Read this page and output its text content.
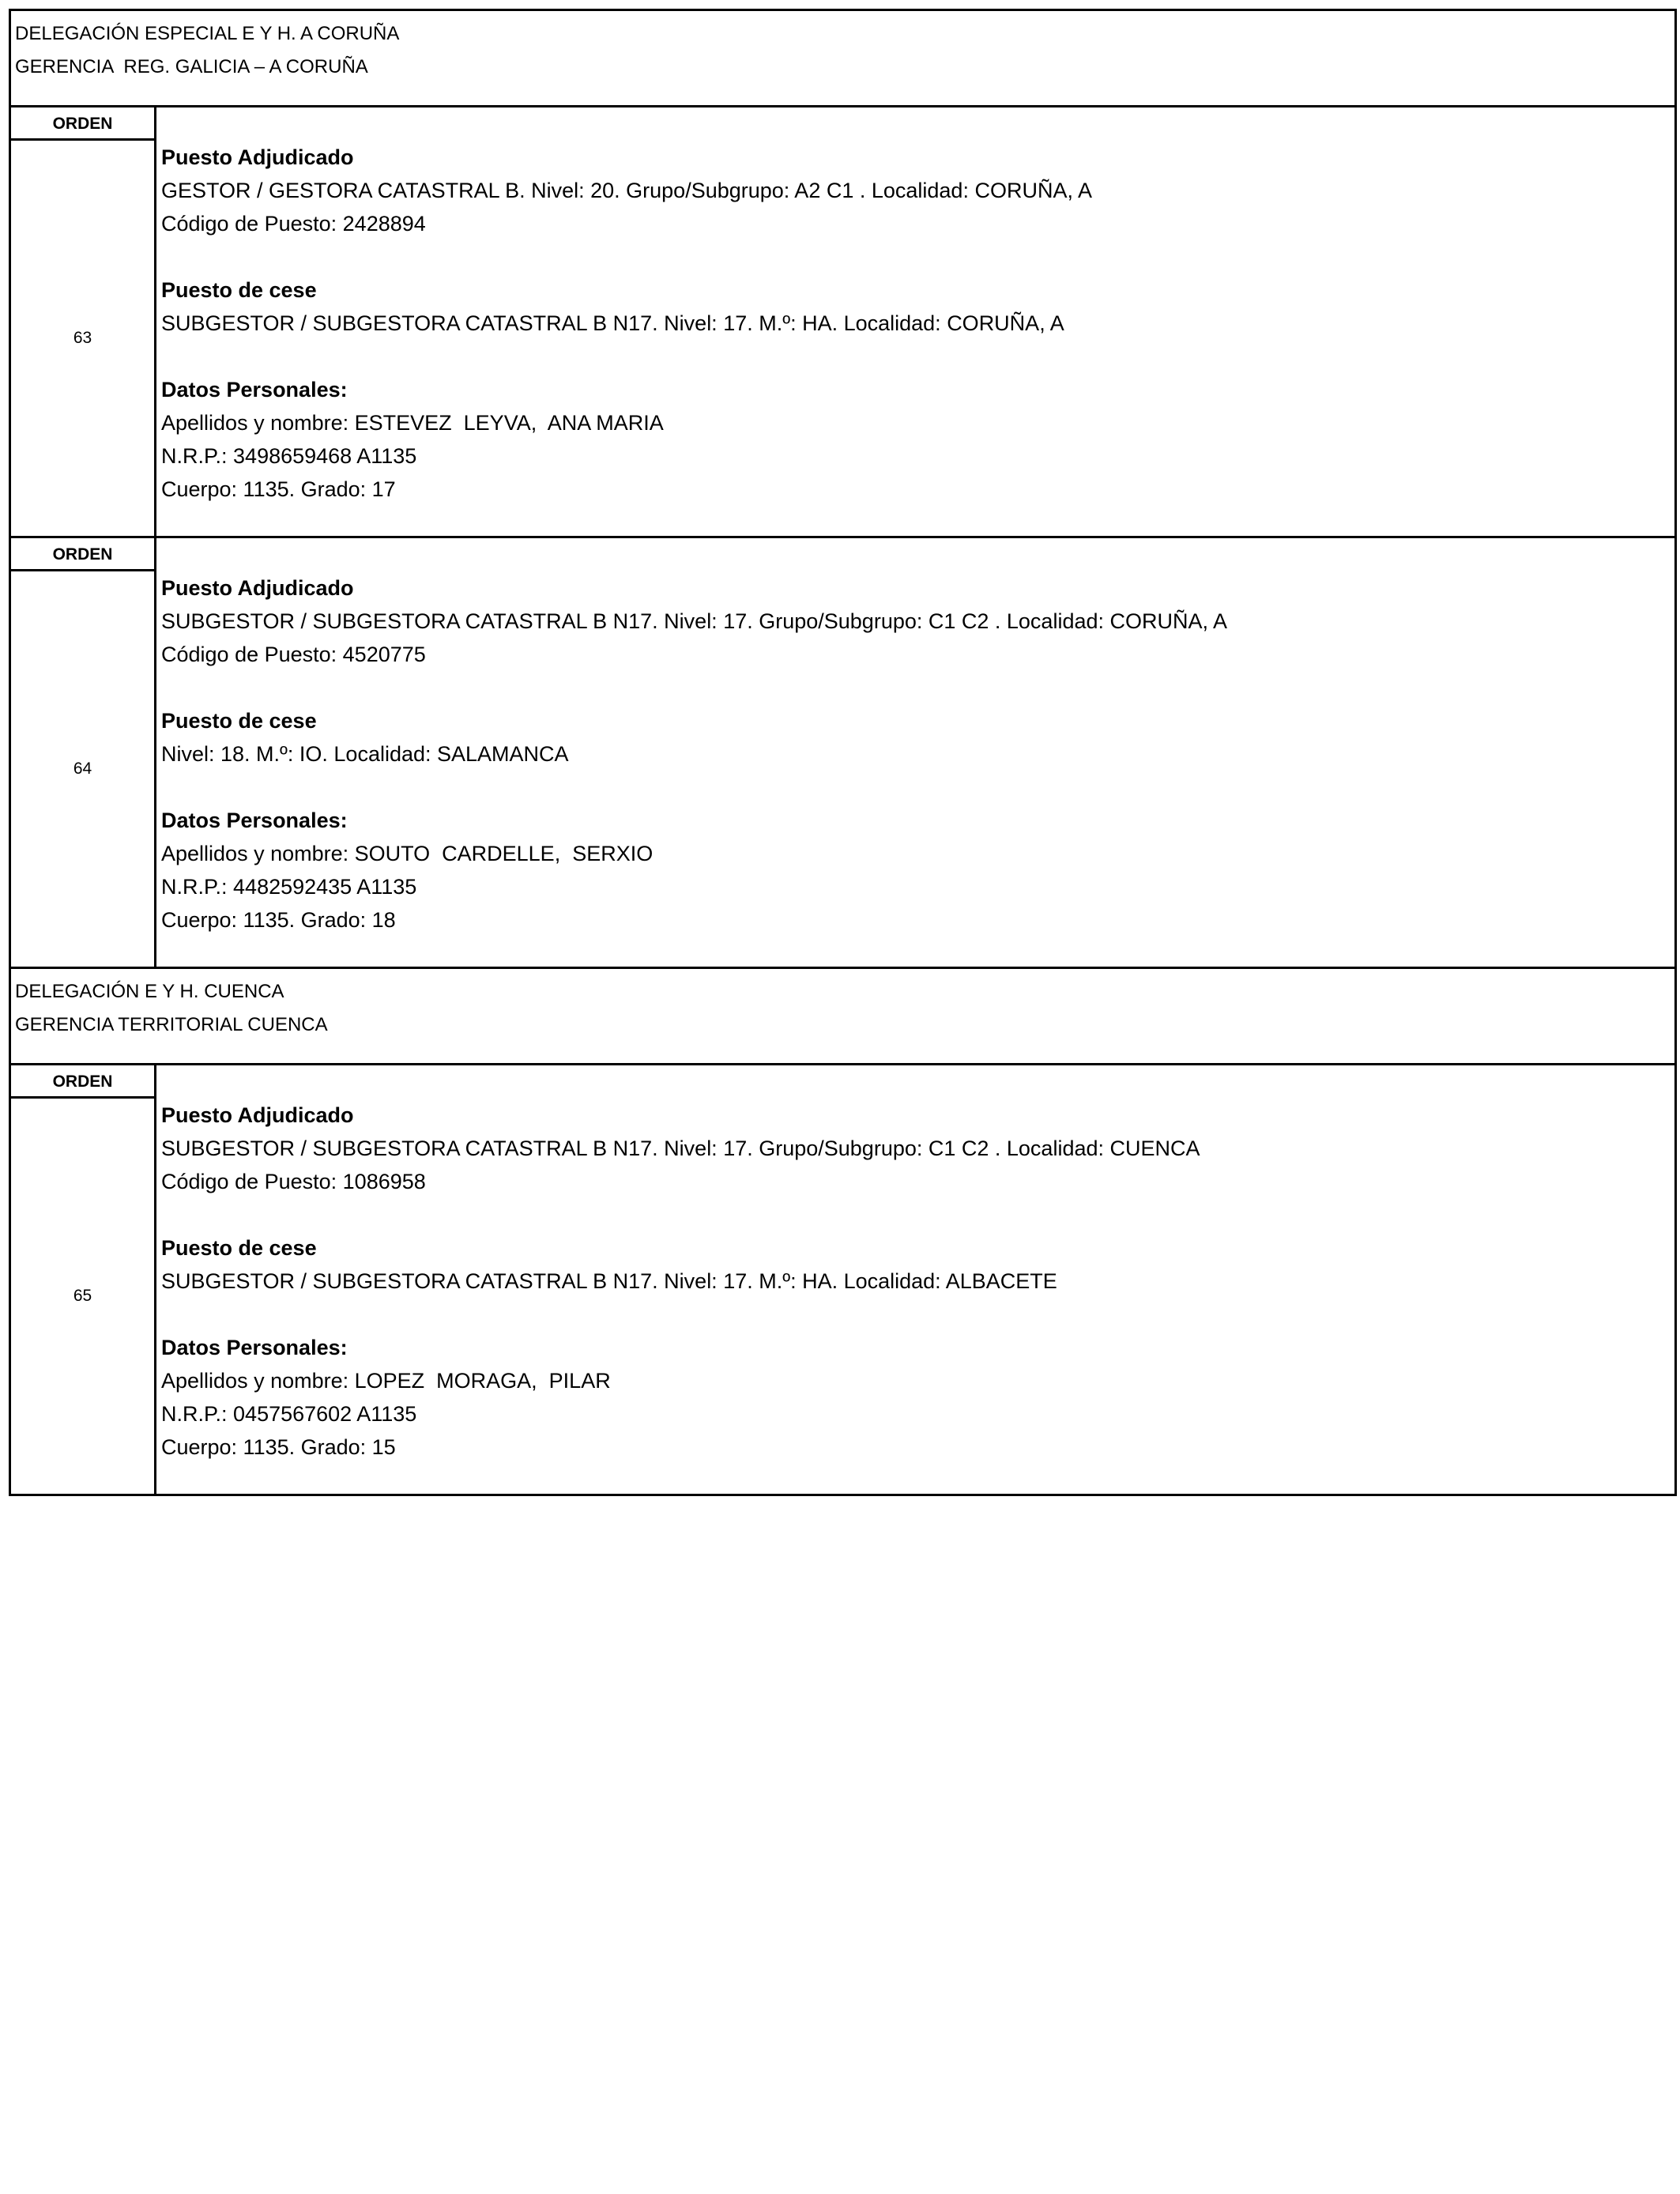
DELEGACIÓN ESPECIAL E Y H. A CORUÑA
GERENCIA  REG. GALICIA – A CORUÑA
ORDEN
63
Puesto Adjudicado
GESTOR / GESTORA CATASTRAL B. Nivel: 20. Grupo/Subgrupo: A2 C1 . Localidad: CORUÑA, A
Código de Puesto: 2428894
Puesto de cese
SUBGESTOR / SUBGESTORA CATASTRAL B N17. Nivel: 17. M.º: HA. Localidad: CORUÑA, A
Datos Personales:
Apellidos y nombre: ESTEVEZ  LEYVA,  ANA MARIA
N.R.P.: 3498659468 A1135
Cuerpo: 1135. Grado: 17
ORDEN
64
Puesto Adjudicado
SUBGESTOR / SUBGESTORA CATASTRAL B N17. Nivel: 17. Grupo/Subgrupo: C1 C2 . Localidad: CORUÑA, A
Código de Puesto: 4520775
Puesto de cese
Nivel: 18. M.º: IO. Localidad: SALAMANCA
Datos Personales:
Apellidos y nombre: SOUTO  CARDELLE,  SERXIO
N.R.P.: 4482592435 A1135
Cuerpo: 1135. Grado: 18
DELEGACIÓN E Y H. CUENCA
GERENCIA TERRITORIAL CUENCA
ORDEN
65
Puesto Adjudicado
SUBGESTOR / SUBGESTORA CATASTRAL B N17. Nivel: 17. Grupo/Subgrupo: C1 C2 . Localidad: CUENCA
Código de Puesto: 1086958
Puesto de cese
SUBGESTOR / SUBGESTORA CATASTRAL B N17. Nivel: 17. M.º: HA. Localidad: ALBACETE
Datos Personales:
Apellidos y nombre: LOPEZ  MORAGA,  PILAR
N.R.P.: 0457567602 A1135
Cuerpo: 1135. Grado: 15
